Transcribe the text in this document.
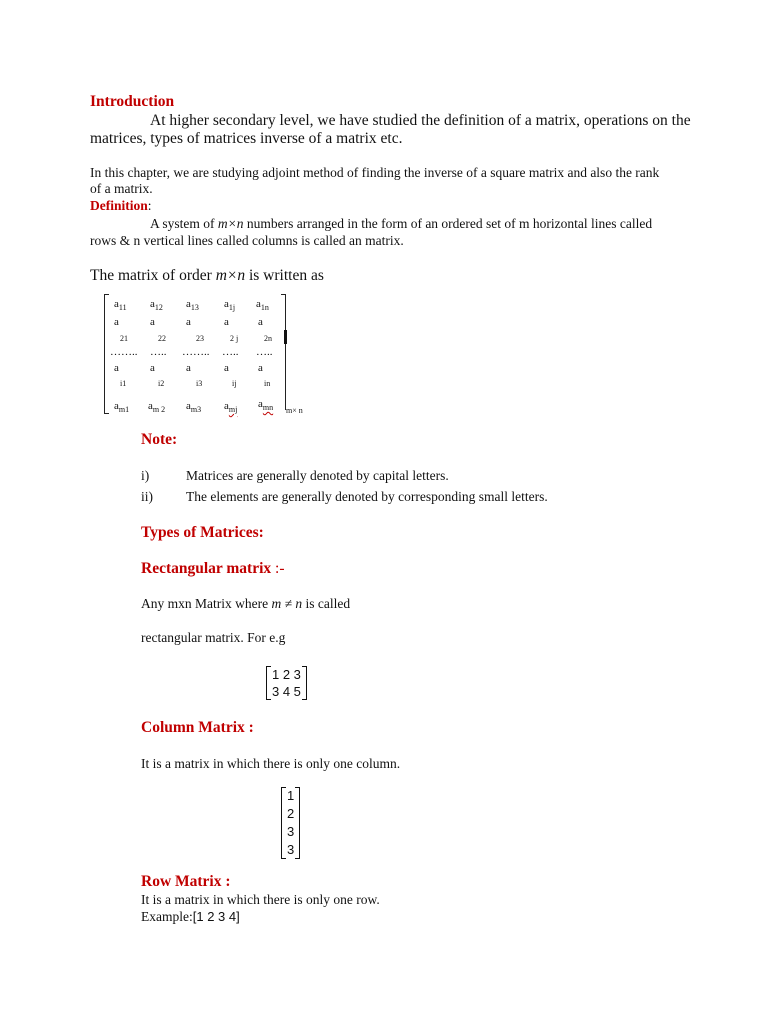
Introduction
At higher secondary level, we have studied the definition of a matrix, operations on the
matrices, types of matrices inverse of a matrix etc.
In this chapter, we are studying adjoint method of finding the inverse of a square matrix and also the rank
of a matrix.
Definition:
A system of m×n numbers arranged in the form of an ordered set of m horizontal lines called
rows & n vertical lines called columns is called an matrix.
The matrix of order m×n is written as
$a_{11}$ $a_{12}$ $a_{13}$ $a_{1j}$ $a_{1n}$
a	a	a	a	a
21	22	23	2 j	2n
…….. ….. …….. ….. …..
a	a	a	a	a
i1	i2	i3	ij	in
$a_{m1}$ $a_{m 2}$ $a_{m3}$ $a_{mj}$ $a_{mn}$ m× n
Note:
i)	Matrices are generally denoted by capital letters.
ii) The elements are generally denoted by corresponding small letters.
Types of Matrices:
Rectangular matrix :-
Any mxn Matrix where m ≠ n is called
rectangular matrix. For e.g
1 2 3
3 4 5
Column Matrix :
It is a matrix in which there is only one column.
1
2
3
3
Row Matrix :
It is a matrix in which there is only one row.
Example:[1 2 3 4]
